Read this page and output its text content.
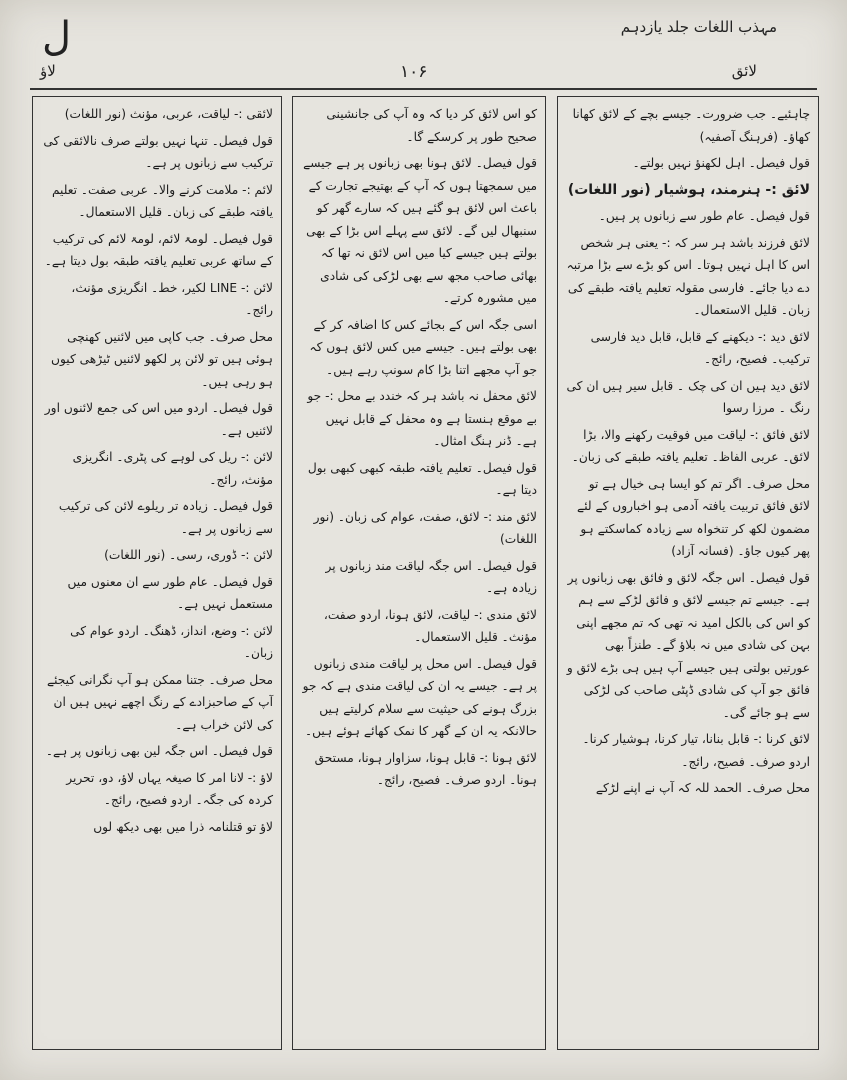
ل	مہذب اللغات جلد یازدہم
لائق
۱۰۶
لاؤ

چاہئیے۔ جب ضرورت۔ جیسے بچے کے لائق کھانا کھاؤ۔ (فرہنگ آصفیہ)

قول فیصل۔ اہل لکھنؤ نہیں بولتے۔

لائق :- ہنرمند، ہوشیار (نور اللغات)

قول فیصل۔ عام طور سے زبانوں پر ہیں۔

لائق فرزند باشد ہر سر کہ :- یعنی ہر شخص اس کا اہل نہیں ہوتا۔ اس کو بڑے سے بڑا مرتبہ دے دیا جائے۔ فارسی مقولہ تعلیم یافتہ طبقے کی زبان۔ قلیل الاستعمال۔

لائق دید :- دیکھنے کے قابل، قابل دید فارسی ترکیب۔ فصیح، رائج۔

لائق دید ہیں ان کی چک ۔ قابل سیر ہیں ان کی رنگ ۔ مرزا رسوا

لائق فائق :- لیاقت میں فوقیت رکھنے والا، بڑا لائق۔ عربی الفاظ۔ تعلیم یافتہ طبقے کی زبان۔

محل صرف۔ اگر تم کو ایسا ہی خیال ہے تو لائق فائق تربیت یافتہ آدمی ہو اخباروں کے لئے مضمون لکھ کر تنخواہ سے زیادہ کماسکتے ہو پھر کیوں جاؤ۔ (فسانہ آزاد)

قول فیصل۔ اس جگہ لائق و فائق بھی زبانوں پر ہے۔ جیسے تم جیسے لائق و فائق لڑکے سے ہم کو اس کی بالکل امید نہ تھی کہ تم مجھے اپنی بہن کی شادی میں نہ بلاؤ گے۔ طنزاً بھی عورتیں بولتی ہیں جیسے آپ ہیں ہی بڑے لائق و فائق جو آپ کی شادی ڈپٹی صاحب کی لڑکی سے ہو جائے گی۔

لائق کرنا :- قابل بنانا، تیار کرنا، ہوشیار کرنا۔ اردو صرف۔ فصیح، رائج۔

محل صرف۔ الحمد للہ کہ آپ نے اپنے لڑکے

کو اس لائق کر دیا کہ وہ آپ کی جانشینی صحیح طور پر کرسکے گا۔

قول فیصل۔ لائق ہونا بھی زبانوں پر ہے جیسے میں سمجھتا ہوں کہ آپ کے بھتیجے تجارت کے باعث اس لائق ہو گئے ہیں کہ سارے گھر کو سنبھال لیں گے۔ لائق سے پہلے اس بڑا کے بھی بولتے ہیں جیسے کیا میں اس لائق نہ تھا کہ بھائی صاحب مجھ سے بھی لڑکی کی شادی میں مشورہ کرتے۔

اسی جگہ اس کے بجائے کس کا اضافہ کر کے بھی بولتے ہیں۔ جیسے میں کس لائق ہوں کہ جو آپ مجھے اتنا بڑا کام سونپ رہے ہیں۔

لائق محفل نہ باشد ہر کہ خندد بے محل :- جو بے موقع ہنستا ہے وہ محفل کے قابل نہیں ہے۔ ڈنر ہنگ امثال۔

قول فیصل۔ تعلیم یافتہ طبقہ کبھی کبھی بول دیتا ہے۔

لائق مند :- لائق، صفت، عوام کی زبان۔ (نور اللغات)

قول فیصل۔ اس جگہ لیاقت مند زبانوں پر زیادہ ہے۔

لائق مندی :- لیاقت، لائق ہونا، اردو صفت، مؤنث۔ قلیل الاستعمال۔

قول فیصل۔ اس محل پر لیاقت مندی زبانوں پر ہے۔ جیسے یہ ان کی لیاقت مندی ہے کہ جو بزرگ ہونے کی حیثیت سے سلام کرلیتے ہیں حالانکہ یہ ان کے گھر کا نمک کھائے ہوئے ہیں۔

لائق ہونا :- قابل ہونا، سزاوار ہونا، مستحق ہونا۔ اردو صرف۔ فصیح، رائج۔

لائقی :- لیاقت، عربی، مؤنث (نور اللغات)

قول فیصل۔ تنہا نہیں بولتے صرف نالائقی کی ترکیب سے زبانوں پر ہے۔

لائم :- ملامت کرنے والا۔ عربی صفت۔ تعلیم یافتہ طبقے کی زبان۔ قلیل الاستعمال۔

قول فیصل۔ لومۃ لائم، لومۃ لائم کی ترکیب کے ساتھ عربی تعلیم یافتہ طبقہ بول دیتا ہے۔

لائن :- LINE لکیر، خط۔ انگریزی مؤنث، رائج۔

محل صرف۔ جب کاپی میں لائنیں کھنچی ہوئی ہیں تو لائن پر لکھو لائنیں ٹیڑھی کیوں ہو رہی ہیں۔

قول فیصل۔ اردو میں اس کی جمع لائنوں اور لائنیں ہے۔

لائن :- ریل کی لوہے کی پٹری۔ انگریزی مؤنث، رائج۔

قول فیصل۔ زیادہ تر ریلوے لائن کی ترکیب سے زبانوں پر ہے۔

لائن :- ڈوری، رسی۔ (نور اللغات)

قول فیصل۔ عام طور سے ان معنوں میں مستعمل نہیں ہے۔

لائن :- وضع، انداز، ڈھنگ۔ اردو عوام کی زبان۔

محل صرف۔ جتنا ممکن ہو آپ نگرانی کیجئے آپ کے صاحبزادے کے رنگ اچھے نہیں ہیں ان کی لائن خراب ہے۔

قول فیصل۔ اس جگہ لین بھی زبانوں پر ہے۔

لاؤ :- لانا امر کا صیغہ یہاں لاؤ، دو، تحریر کردہ کی جگہ۔ اردو فصیح، رائج۔

لاؤ تو قتلنامہ ذرا میں بھی دیکھ لوں
